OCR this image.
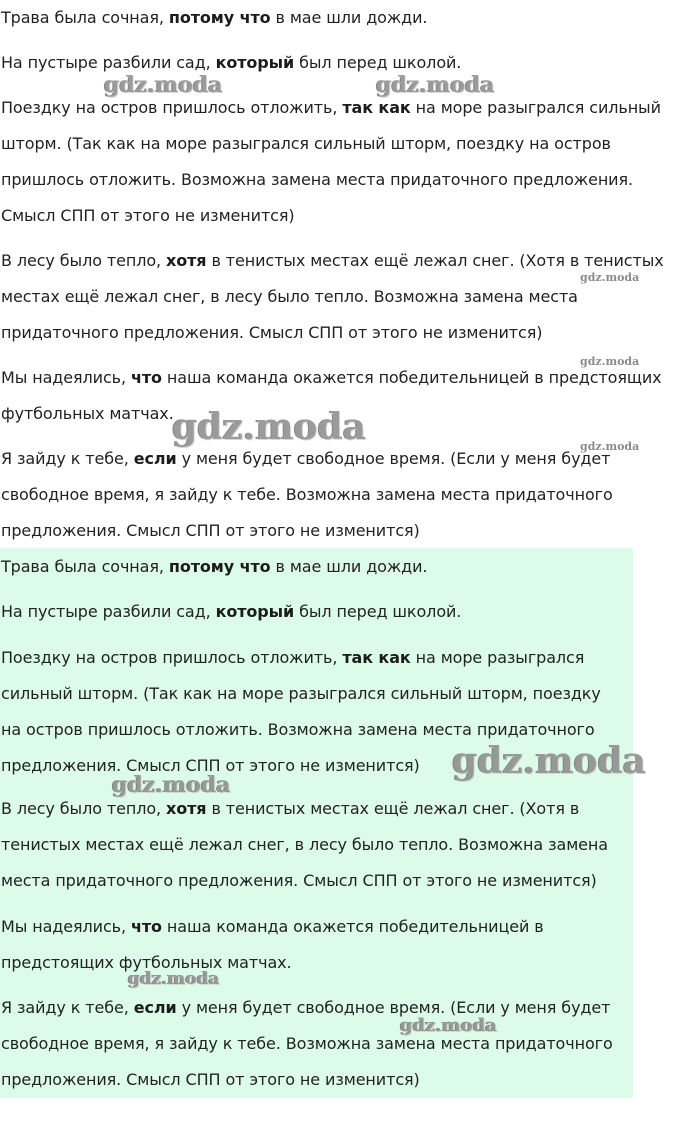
Трава была сочная, потому что в мае шли дожди.

На пустыре разбили сад, который был перед школой.

Поездку на остров пришлось отложить, так как на море разыгрался сильный
шторм. (Так как на море разыгрался сильный шторм, поездку на остров
пришлось отложить. Возможна замена места придаточного предложения.
Смысл СПП от этого не изменится)

В лесу было тепло, хотя в тенистых местах ещё лежал снег. (Хотя в тенистых
местах ещё лежал снег, в лесу было тепло. Возможна замена места
придаточного предложения. Смысл СПП от этого не изменится)

Мы надеялись, что наша команда окажется победительницей в предстоящих
футбольных матчах.

Я зайду к тебе, если у меня будет свободное время. (Если у меня будет
свободное время, я зайду к тебе. Возможна замена места придаточного
предложения. Смысл СПП от этого не изменится)

Трава была сочная, потому что в мае шли дожди.

На пустыре разбили сад, который был перед школой.

Поездку на остров пришлось отложить, так как на море разыгрался
сильный шторм. (Так как на море разыгрался сильный шторм, поездку
на остров пришлось отложить. Возможна замена места придаточного
предложения. Смысл СПП от этого не изменится)

В лесу было тепло, хотя в тенистых местах ещё лежал снег. (Хотя в
тенистых местах ещё лежал снег, в лесу было тепло. Возможна замена
места придаточного предложения. Смысл СПП от этого не изменится)

Мы надеялись, что наша команда окажется победительницей в
предстоящих футбольных матчах.

Я зайду к тебе, если у меня будет свободное время. (Если у меня будет
свободное время, я зайду к тебе. Возможна замена места придаточного
предложения. Смысл СПП от этого не изменится)

gdz.moda	gdz.moda
gdz.moda
gdz.moda
gdz.moda	gdz.moda
gdz.moda
gdz.moda
gdz.moda
gdz.moda
